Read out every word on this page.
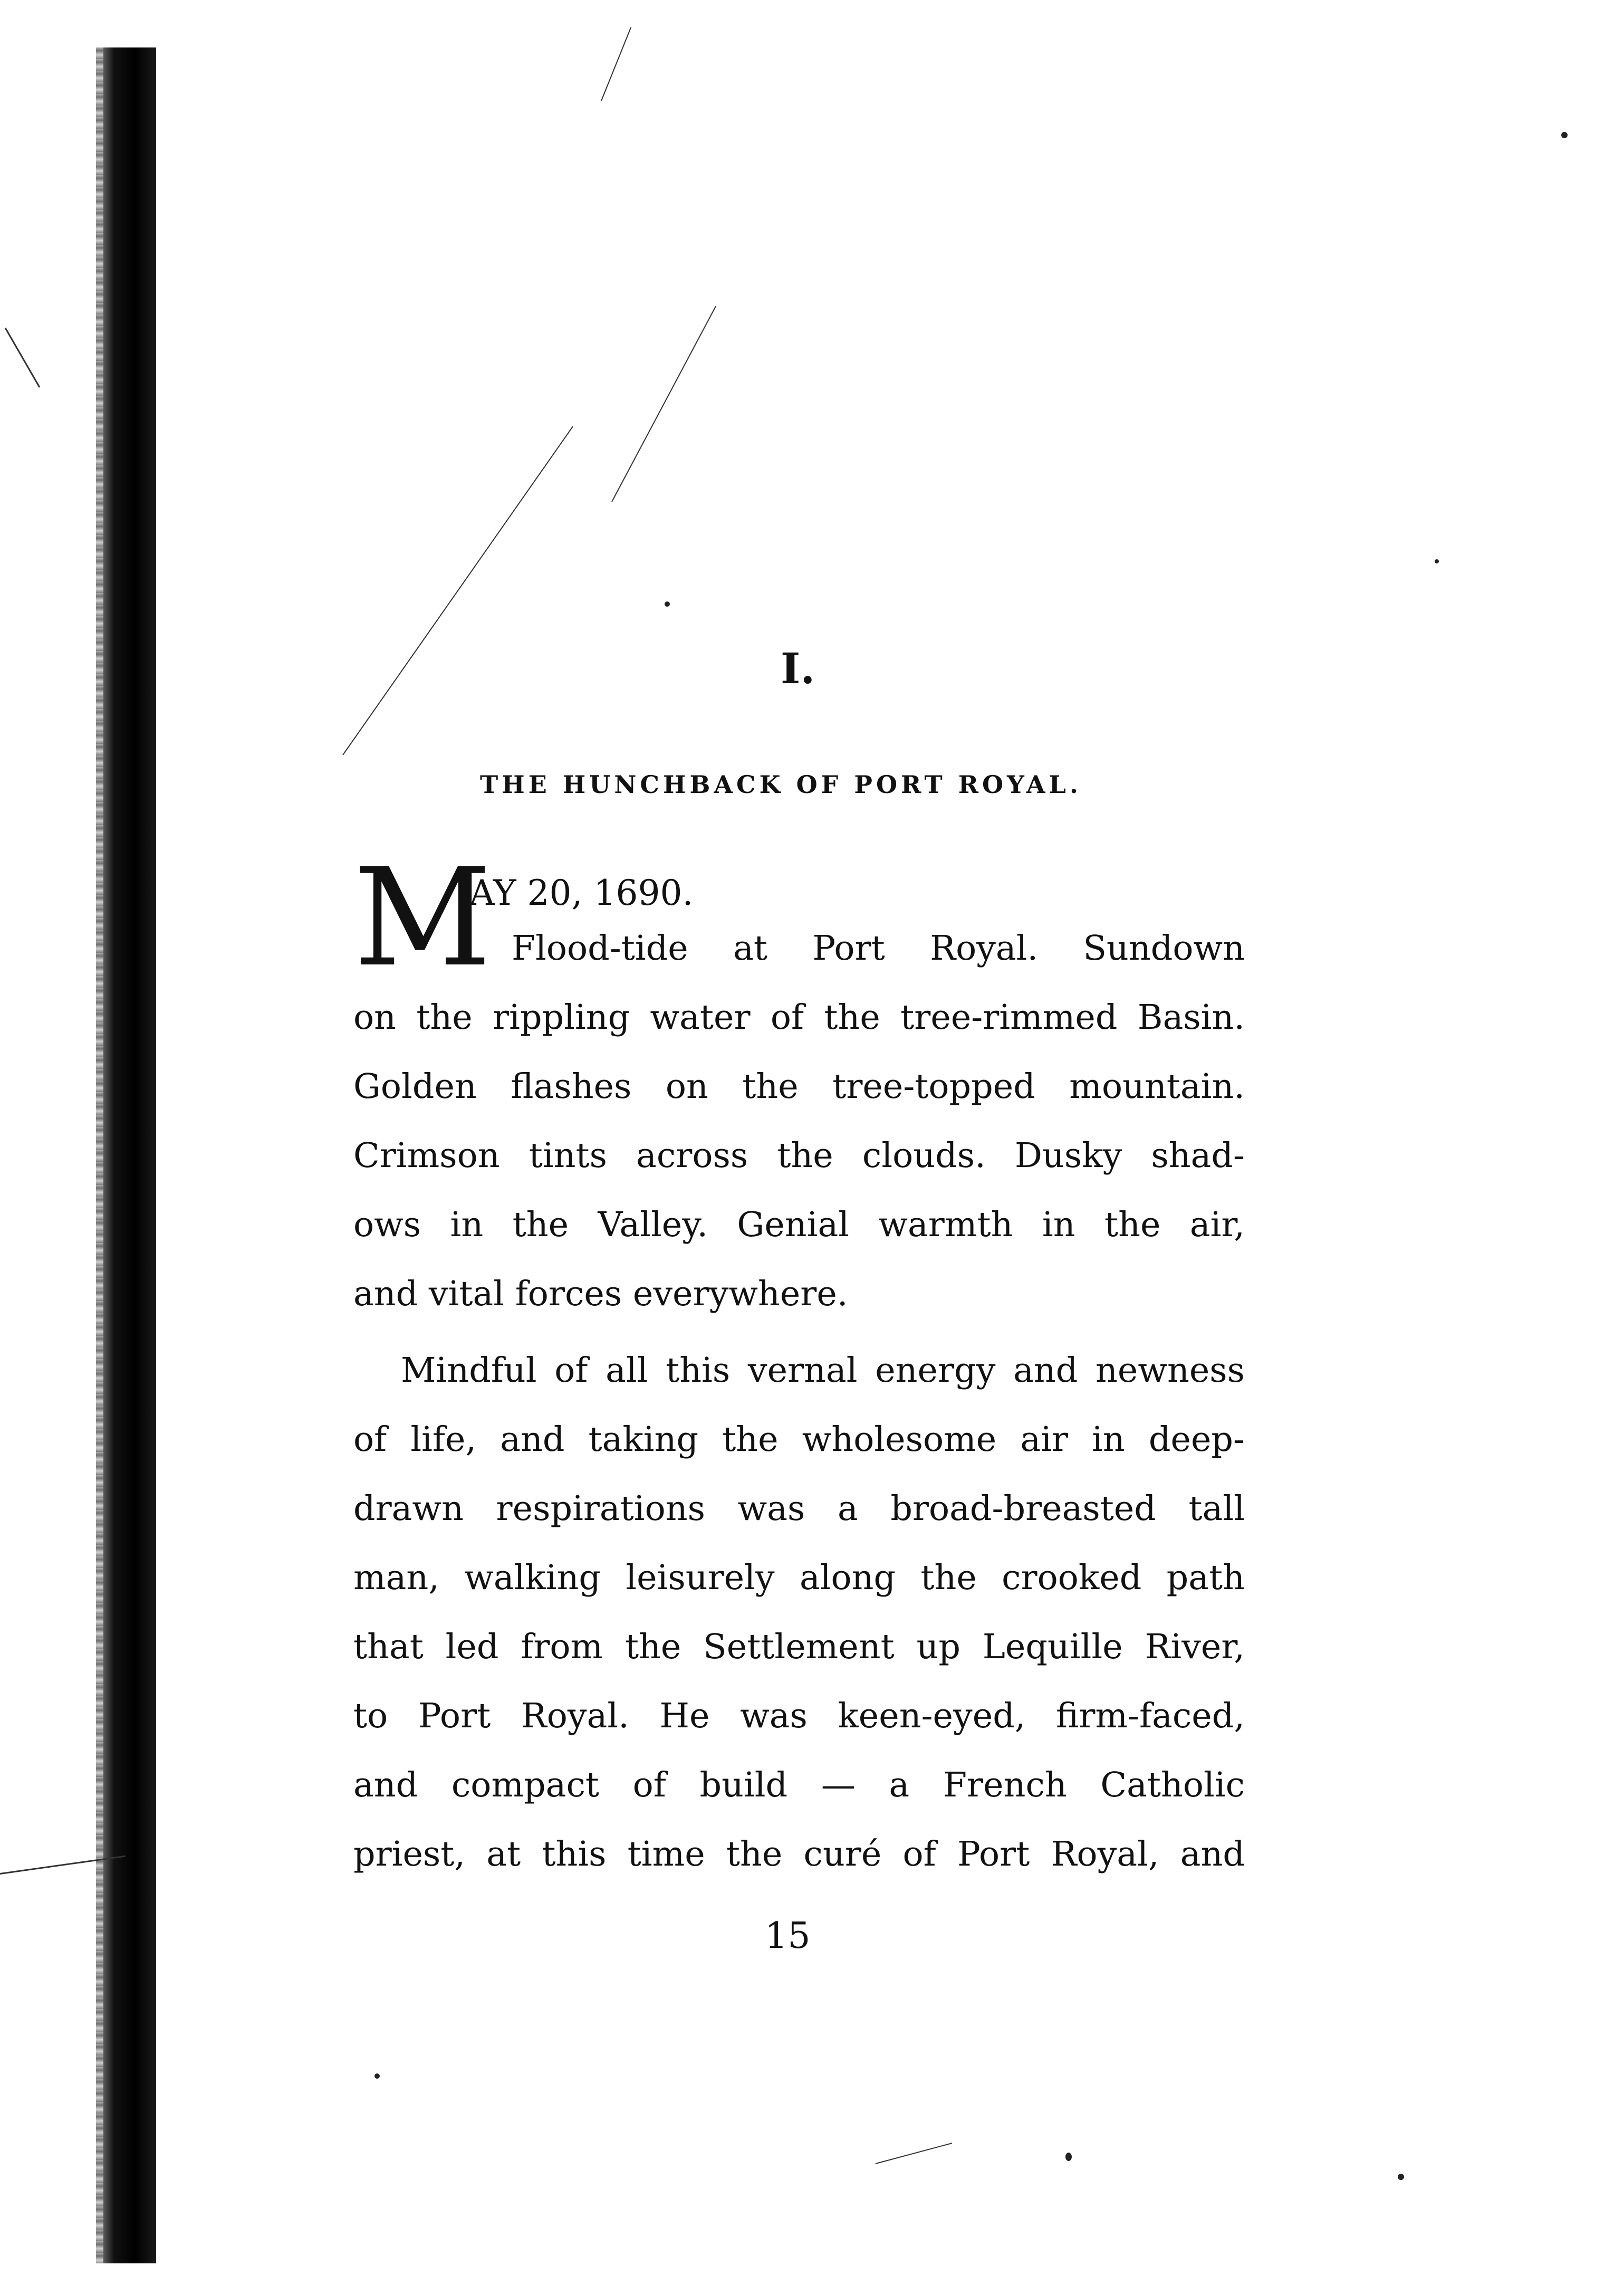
I.
THE HUNCHBACK OF PORT ROYAL.
M
AY 20, 1690.
Flood-tide at Port Royal. Sundown
on the rippling water of the tree-rimmed Basin.
Golden flashes on the tree-topped mountain.
Crimson tints across the clouds. Dusky shad-
ows in the Valley. Genial warmth in the air,
and vital forces everywhere.
Mindful of all this vernal energy and newness
of life, and taking the wholesome air in deep-
drawn respirations was a broad-breasted tall
man, walking leisurely along the crooked path
that led from the Settlement up Lequille River,
to Port Royal. He was keen-eyed, firm-faced,
and compact of build — a French Catholic
priest, at this time the curé of Port Royal, and
15
